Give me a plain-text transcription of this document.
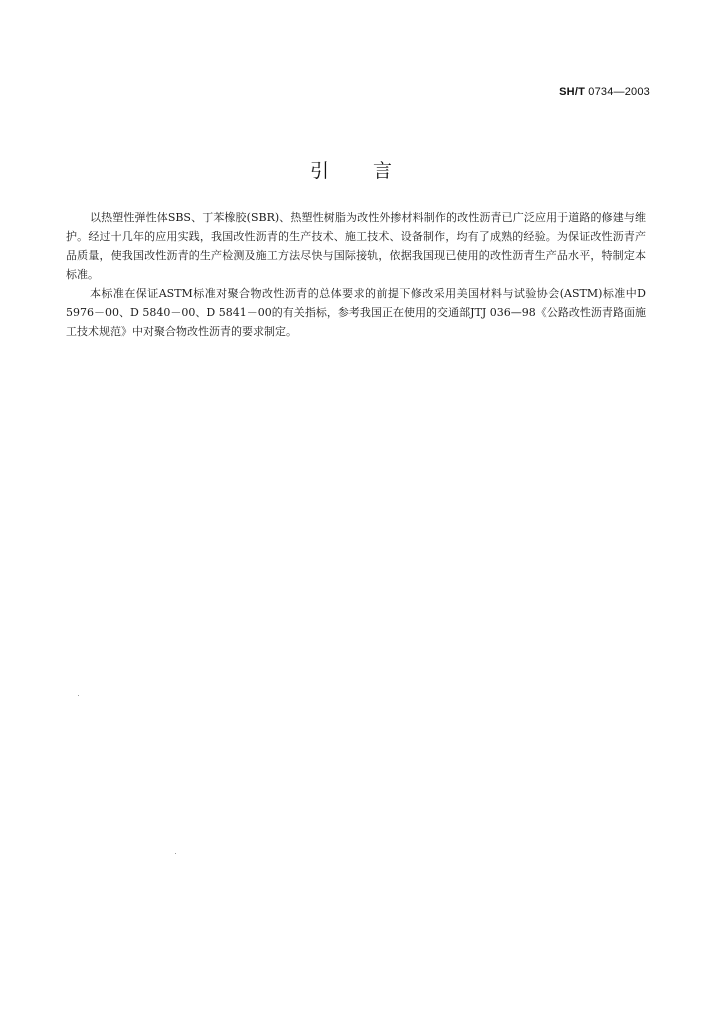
SH/T 0734—2003
引言

以热塑性弹性体SBS、丁苯橡胶(SBR)、热塑性树脂为改性外掺材料制作的改性沥青已广泛应用于道路的修建与维护。经过十几年的应用实践，我国改性沥青的生产技术、施工技术、设备制作，均有了成熟的经验。为保证改性沥青产品质量，使我国改性沥青的生产检测及施工方法尽快与国际接轨，依据我国现已使用的改性沥青生产品水平，特制定本标准。

本标准在保证ASTM标准对聚合物改性沥青的总体要求的前提下修改采用美国材料与试验协会(ASTM)标准中D 5976－00、D 5840－00、D 5841－00的有关指标，参考我国正在使用的交通部JTJ 036—98《公路改性沥青路面施工技术规范》中对聚合物改性沥青的要求制定。
